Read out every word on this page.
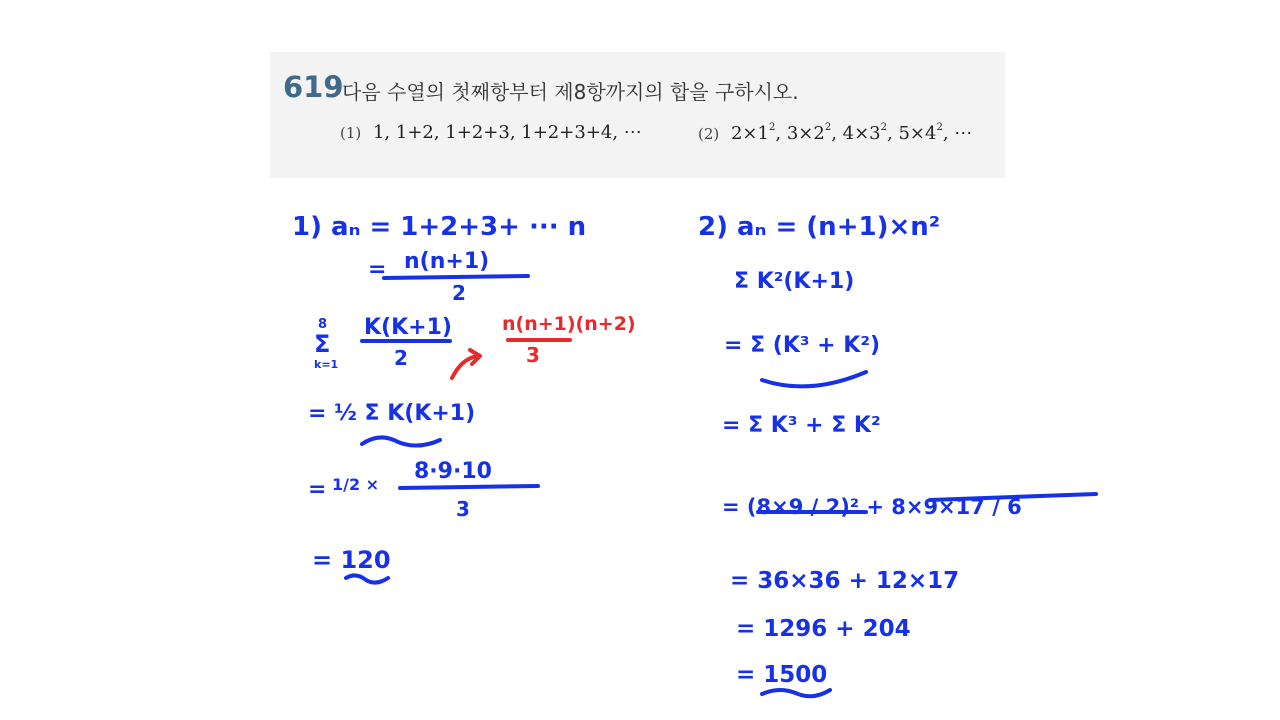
619
다음 수열의 첫째항부터 제8항까지의 합을 구하시오.
(1) 1, 1+2, 1+2+3, 1+2+3+4, ⋯	(2) $2\times 1^2$, $3\times 2^2$, $4\times 3^2$, $5\times 4^2$, ⋯
1) aₙ = 1+2+3+ ··· n
= n(n+1)
2
8
Σ
k=1
K(K+1)
2
n(n+1)(n+2)
3
= ½ Σ K(K+1)
= 1/2 ×
8·9·10
3
= 120
2) aₙ = (n+1)×n²
Σ K²(K+1)
= Σ (K³ + K²)
= Σ K³ + Σ K²
= (8×9 / 2)² + 8×9×17 / 6
= 36×36 + 12×17
= 1296 + 204
= 1500
